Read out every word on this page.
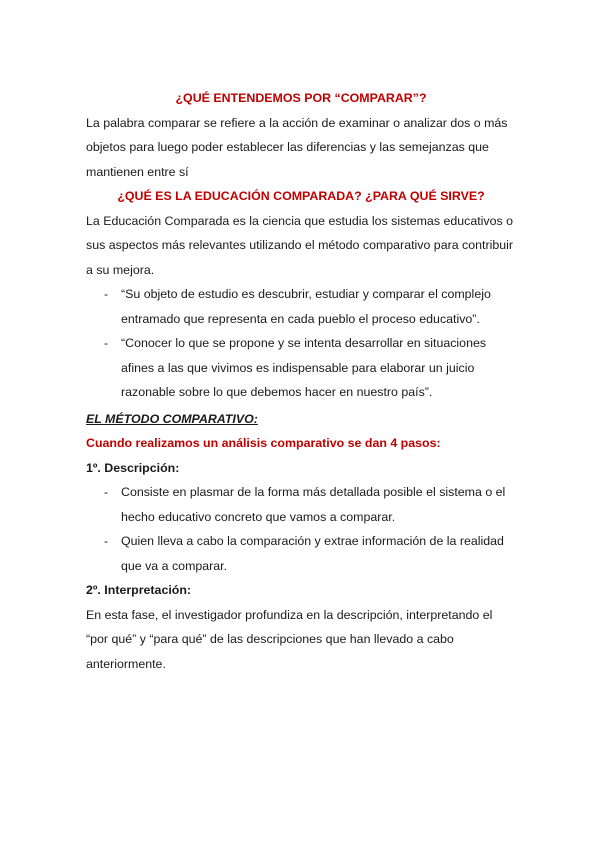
¿QUÉ ENTENDEMOS POR “COMPARAR”?

La palabra comparar se refiere a la acción de examinar o analizar dos o más objetos para luego poder establecer las diferencias y las semejanzas que mantienen entre sí

¿QUÉ ES LA EDUCACIÓN COMPARADA? ¿PARA QUÉ SIRVE?

La Educación Comparada es la ciencia que estudia los sistemas educativos o sus aspectos más relevantes utilizando el método comparativo para contribuir a su mejora.

- “Su objeto de estudio es descubrir, estudiar y comparar el complejo entramado que representa en cada pueblo el proceso educativo”.
- “Conocer lo que se propone y se intenta desarrollar en situaciones afines a las que vivimos es indispensable para elaborar un juicio razonable sobre lo que debemos hacer en nuestro país”.

EL MÉTODO COMPARATIVO:

Cuando realizamos un análisis comparativo se dan 4 pasos:

1º. Descripción:

- Consiste en plasmar de la forma más detallada posible el sistema o el hecho educativo concreto que vamos a comparar.
- Quien lleva a cabo la comparación y extrae información de la realidad que va a comparar.

2º. Interpretación:

En esta fase, el investigador profundiza en la descripción, interpretando el “por qué” y “para qué” de las descripciones que han llevado a cabo anteriormente.
